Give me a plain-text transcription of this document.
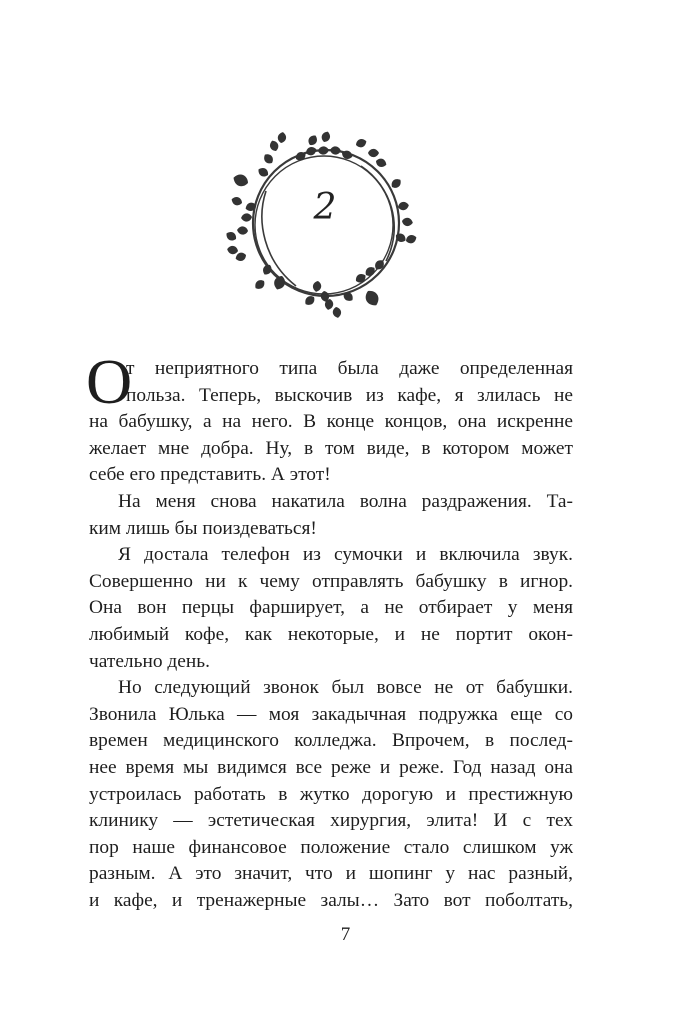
2
О
т неприятного типа была даже определенная
польза. Теперь, выскочив из кафе, я злилась не
на бабушку, а на него. В конце концов, она искренне
желает мне добра. Ну, в том виде, в котором может
себе его представить. А этот!
На меня снова накатила волна раздражения. Та-
ким лишь бы поиздеваться!
Я достала телефон из сумочки и включила звук.
Совершенно ни к чему отправлять бабушку в игнор.
Она вон перцы фарширует, а не отбирает у меня
любимый кофе, как некоторые, и не портит окон-
чательно день.
Но следующий звонок был вовсе не от бабушки.
Звонила Юлька — моя закадычная подружка еще со
времен медицинского колледжа. Впрочем, в послед-
нее время мы видимся все реже и реже. Год назад она
устроилась работать в жутко дорогую и престижную
клинику — эстетическая хирургия, элита! И с тех
пор наше финансовое положение стало слишком уж
разным. А это значит, что и шопинг у нас разный,
и кафе, и тренажерные залы… Зато вот поболтать,
7
